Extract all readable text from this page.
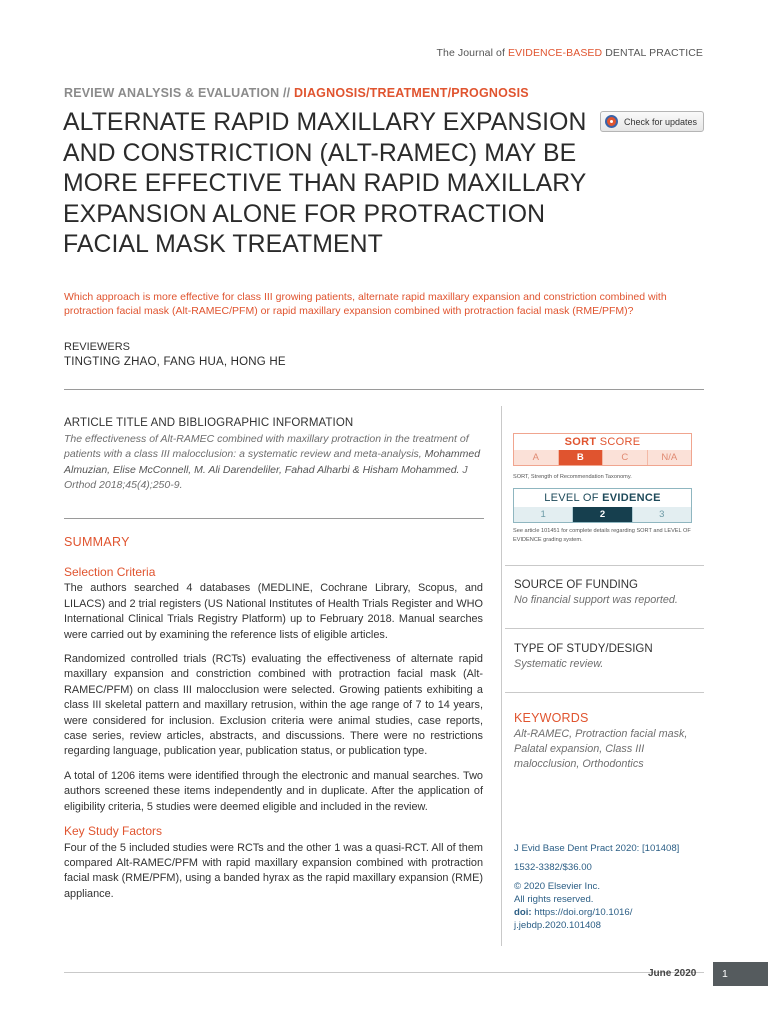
The Journal of EVIDENCE-BASED DENTAL PRACTICE
REVIEW ANALYSIS & EVALUATION // DIAGNOSIS/TREATMENT/PROGNOSIS
ALTERNATE RAPID MAXILLARY EXPANSION AND CONSTRICTION (ALT-RAMEC) MAY BE MORE EFFECTIVE THAN RAPID MAXILLARY EXPANSION ALONE FOR PROTRACTION FACIAL MASK TREATMENT
Check for updates
Which approach is more effective for class III growing patients, alternate rapid maxillary expansion and constriction combined with protraction facial mask (Alt-RAMEC/PFM) or rapid maxillary expansion combined with protraction facial mask (RME/PFM)?
REVIEWERS
TINGTING ZHAO, FANG HUA, HONG HE
ARTICLE TITLE AND BIBLIOGRAPHIC INFORMATION
The effectiveness of Alt-RAMEC combined with maxillary protraction in the treatment of patients with a class III malocclusion: a systematic review and meta-analysis, Mohammed Almuzian, Elise McConnell, M. Ali Darendeliler, Fahad Alharbi & Hisham Mohammed. J Orthod 2018;45(4);250-9.
SUMMARY
Selection Criteria

The authors searched 4 databases (MEDLINE, Cochrane Library, Scopus, and LILACS) and 2 trial registers (US National Institutes of Health Trials Register and WHO International Clinical Trials Registry Platform) up to February 2018. Manual searches were carried out by examining the reference lists of eligible articles.

Randomized controlled trials (RCTs) evaluating the effectiveness of alternate rapid maxillary expansion and constriction combined with protraction facial mask (Alt-RAMEC/PFM) on class III malocclusion were selected. Growing patients exhibiting a class III skeletal pattern and maxillary retrusion, within the age range of 7 to 14 years, were considered for inclusion. Exclusion criteria were animal studies, case reports, case series, review articles, abstracts, and discussions. There were no restrictions regarding language, publication year, publication status, or publication type.

A total of 1206 items were identified through the electronic and manual searches. Two authors screened these items independently and in duplicate. After the application of eligibility criteria, 5 studies were deemed eligible and included in the review.

Key Study Factors

Four of the 5 included studies were RCTs and the other 1 was a quasi-RCT. All of them compared Alt-RAMEC/PFM with rapid maxillary expansion combined with protraction facial mask (RME/PFM), using a banded hyrax as the rapid maxillary expansion (RME) appliance.

SORT SCORE
A	B	C	N/A
SORT, Strength of Recommendation Taxonomy.
LEVEL OF EVIDENCE
1	2	3
See article 101451 for complete details regarding SORT and LEVEL OF EVIDENCE grading system.
SOURCE OF FUNDING
No financial support was reported.
TYPE OF STUDY/DESIGN
Systematic review.
KEYWORDS
Alt-RAMEC, Protraction facial mask, Palatal expansion, Class III malocclusion, Orthodontics
J Evid Base Dent Pract 2020: [101408]
1532-3382/$36.00
© 2020 Elsevier Inc.
All rights reserved.
doi: https://doi.org/10.1016/ j.jebdp.2020.101408
June 2020	1
